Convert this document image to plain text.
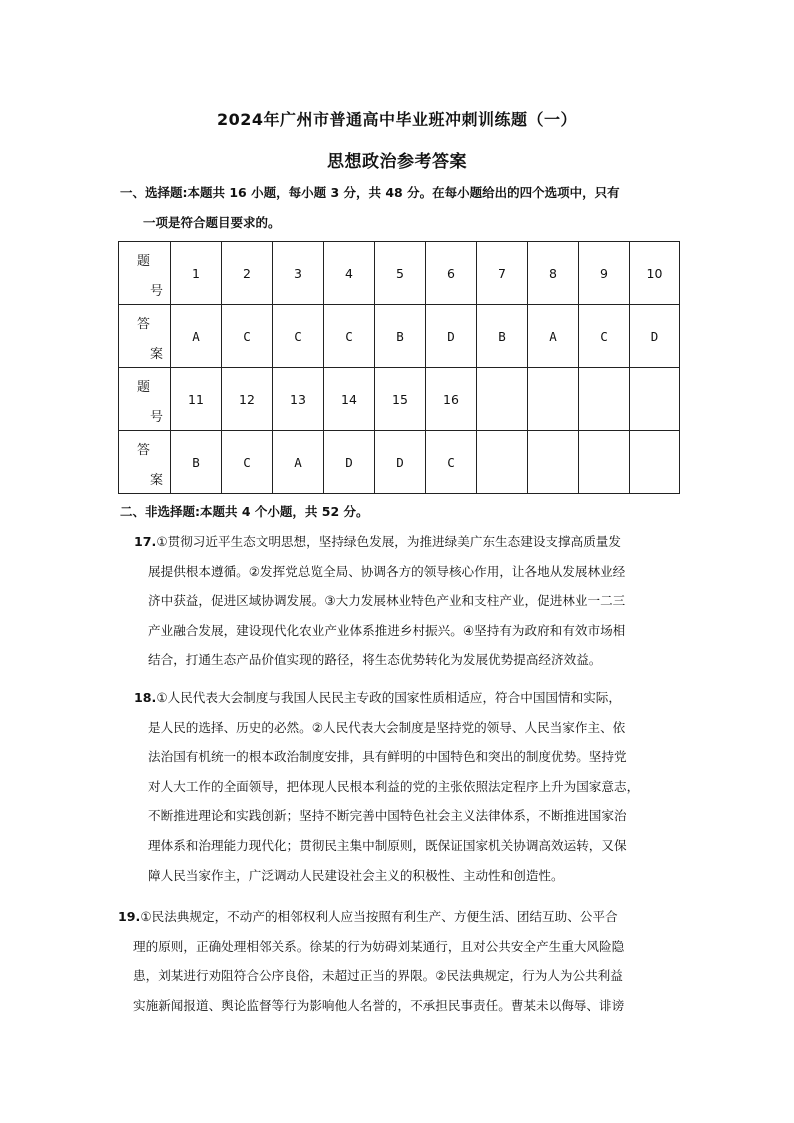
2024年广州市普通高中毕业班冲刺训练题（一）
思想政治参考答案
一、选择题:本题共 16 小题，每小题 3 分，共 48 分。在每小题给出的四个选项中，只有
一项是符合题目要求的。
题
号	1	2	3	4	5	6	7	8	9	10

答
案	A	C	C	C	B	D	B	A	C	D

题
号	11	12	13	14	15	16				

答
案	B	C	A	D	D	C				
二、非选择题:本题共 4 个小题，共 52 分。
17.①贯彻习近平生态文明思想，坚持绿色发展，为推进绿美广东生态建设支撑高质量发
展提供根本遵循。②发挥党总览全局、协调各方的领导核心作用，让各地从发展林业经
济中获益，促进区域协调发展。③大力发展林业特色产业和支柱产业，促进林业一二三
产业融合发展，建设现代化农业产业体系推进乡村振兴。④坚持有为政府和有效市场相
结合，打通生态产品价值实现的路径，将生态优势转化为发展优势提高经济效益。
18.①人民代表大会制度与我国人民民主专政的国家性质相适应，符合中国国情和实际，
是人民的选择、历史的必然。②人民代表大会制度是坚持党的领导、人民当家作主、依
法治国有机统一的根本政治制度安排，具有鲜明的中国特色和突出的制度优势。坚持党
对人大工作的全面领导，把体现人民根本利益的党的主张依照法定程序上升为国家意志，
不断推进理论和实践创新；坚持不断完善中国特色社会主义法律体系，不断推进国家治
理体系和治理能力现代化；贯彻民主集中制原则，既保证国家机关协调高效运转，又保
障人民当家作主，广泛调动人民建设社会主义的积极性、主动性和创造性。
19.①民法典规定，不动产的相邻权利人应当按照有利生产、方便生活、团结互助、公平合
理的原则，正确处理相邻关系。徐某的行为妨碍刘某通行，且对公共安全产生重大风险隐
患，刘某进行劝阻符合公序良俗，未超过正当的界限。②民法典规定，行为人为公共利益
实施新闻报道、舆论监督等行为影响他人名誉的，不承担民事责任。曹某未以侮辱、诽谤
